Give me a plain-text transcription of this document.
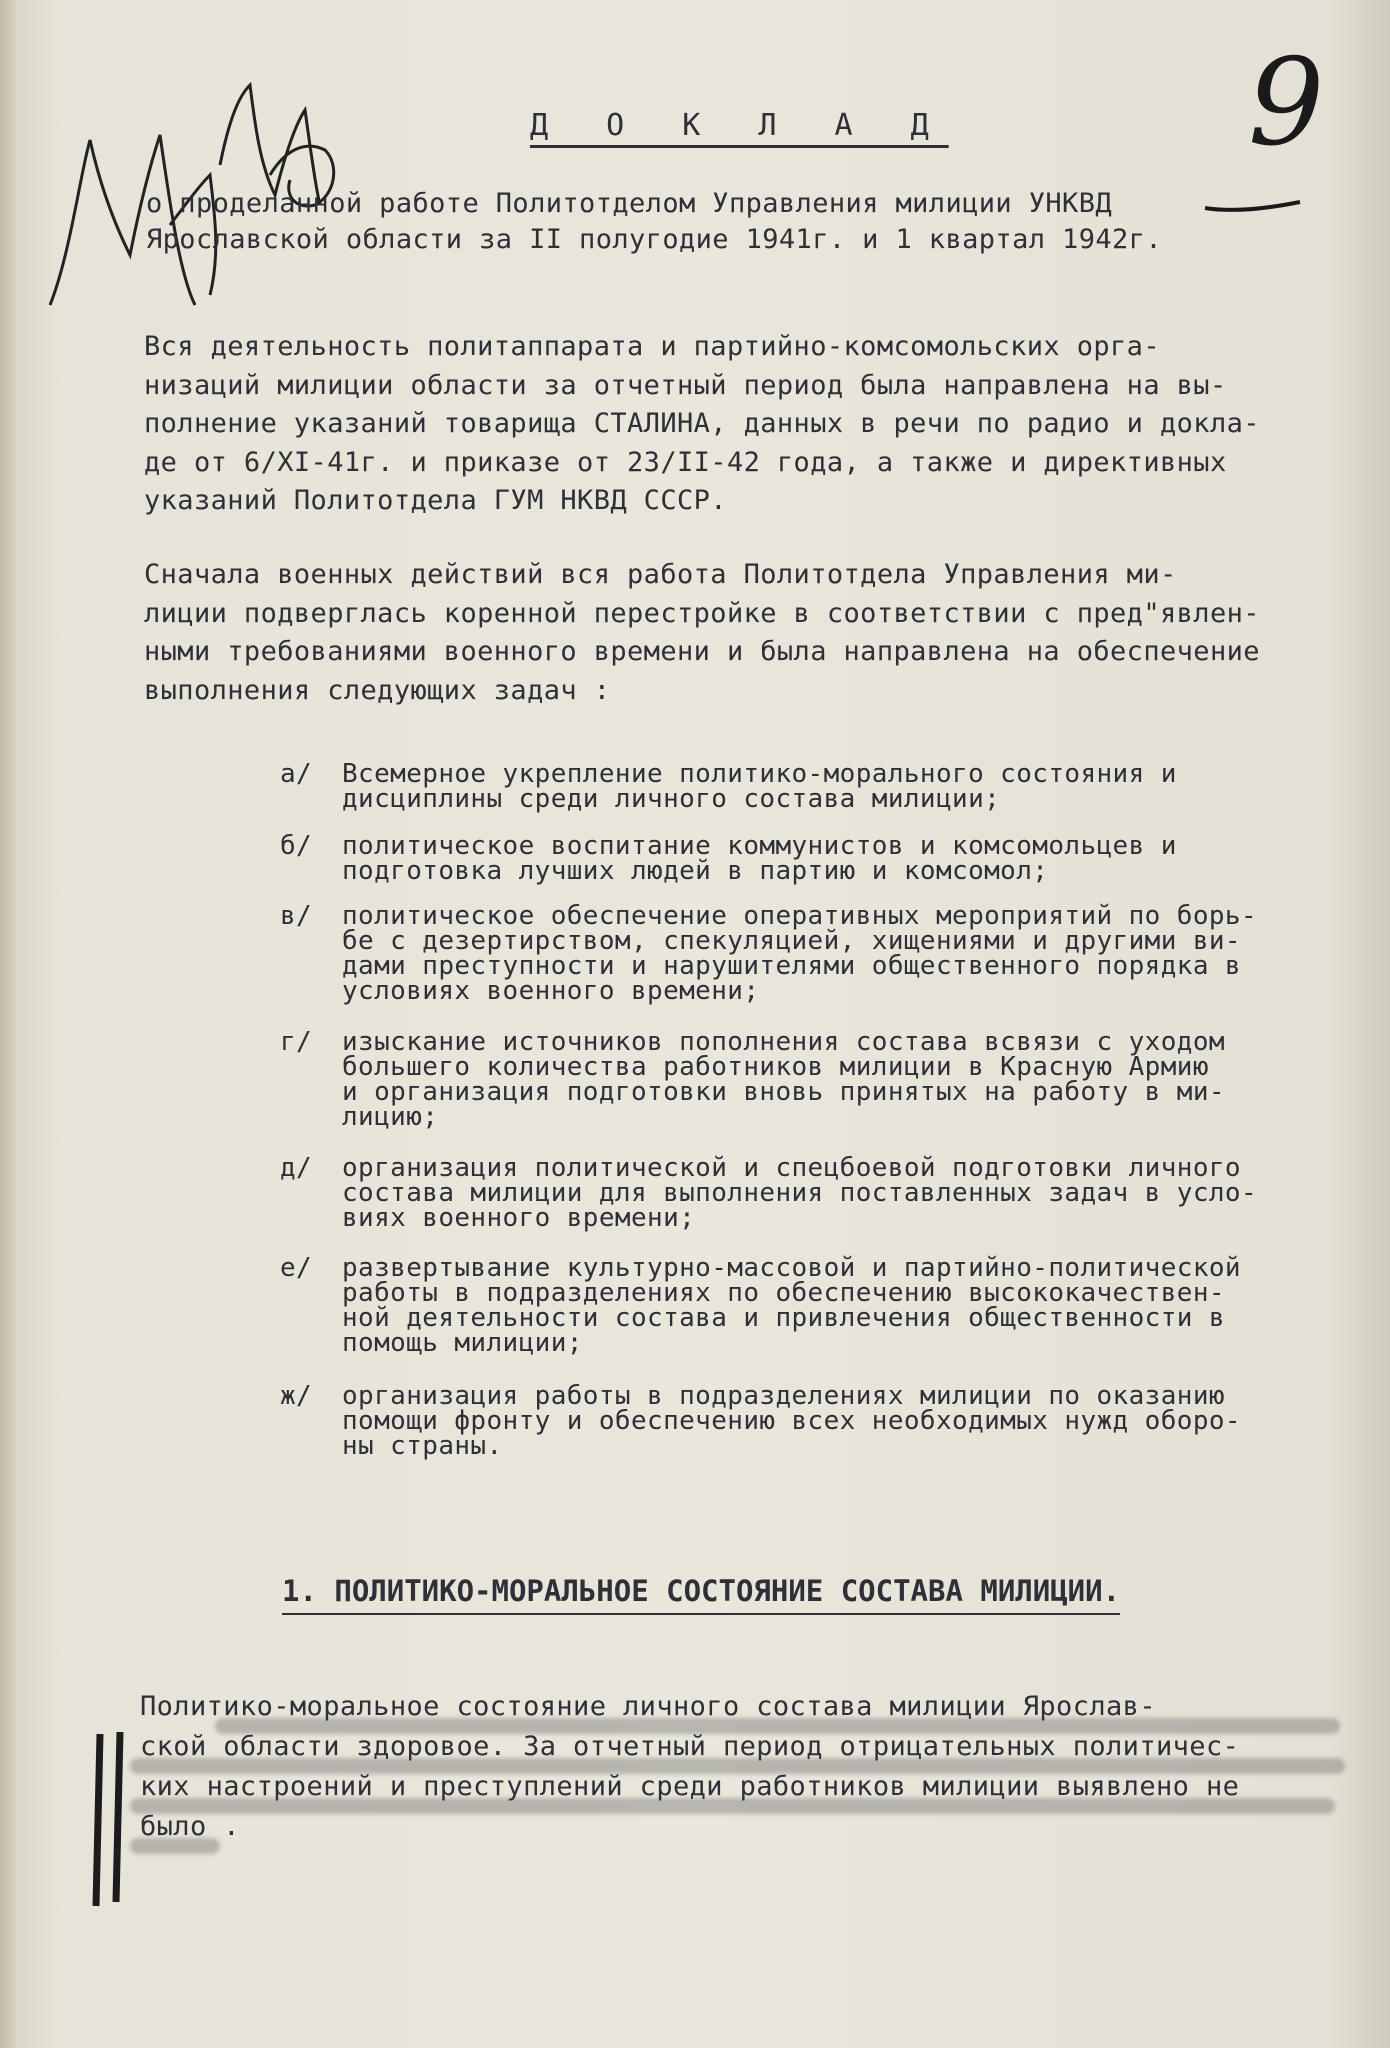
9
Д О К Л А Д
о проделанной работе Политотделом Управления милиции УНКВД
Ярославской области за II полугодие 1941г. и 1 квартал 1942г.
Вся деятельность политаппарата и партийно-комсомольских орга-
низаций милиции области за отчетный период была направлена на вы-
полнение указаний товарища СТАЛИНА, данных в речи по радио и докла-
де от 6/XI-41г. и приказе от 23/II-42 года, а также и директивных
указаний Политотдела ГУМ НКВД СССР.
Сначала военных действий вся работа Политотдела Управления ми-
лиции подверглась коренной перестройке в соответствии с пред"явлен-
ными требованиями военного времени и была направлена на обеспечение
выполнения следующих задач :
а/	Всемерное укрепление политико-морального состояния и
дисциплины среди личного состава милиции;
б/	политическое воспитание коммунистов и комсомольцев и
подготовка лучших людей в партию и комсомол;
в/	политическое обеспечение оперативных мероприятий по борь-
бе с дезертирством, спекуляцией, хищениями и другими ви-
дами преступности и нарушителями общественного порядка в
условиях военного времени;
г/	изыскание источников пополнения состава всвязи с уходом
большего количества работников милиции в Красную Армию
и организация подготовки вновь принятых на работу в ми-
лицию;
д/	организация политической и спецбоевой подготовки личного
состава милиции для выполнения поставленных задач в усло-
виях военного времени;
е/	развертывание культурно-массовой и партийно-политической
работы в подразделениях по обеспечению высококачествен-
ной деятельности состава и привлечения общественности в
помощь милиции;
ж/	организация работы в подразделениях милиции по оказанию
помощи фронту и обеспечению всех необходимых нужд оборо-
ны страны.
1. ПОЛИТИКО-МОРАЛЬНОЕ СОСТОЯНИЕ СОСТАВА МИЛИЦИИ.
Политико-моральное состояние личного состава милиции Ярослав-
ской области здоровое. За отчетный период отрицательных политичес-
ких настроений и преступлений среди работников милиции выявлено не
было .
